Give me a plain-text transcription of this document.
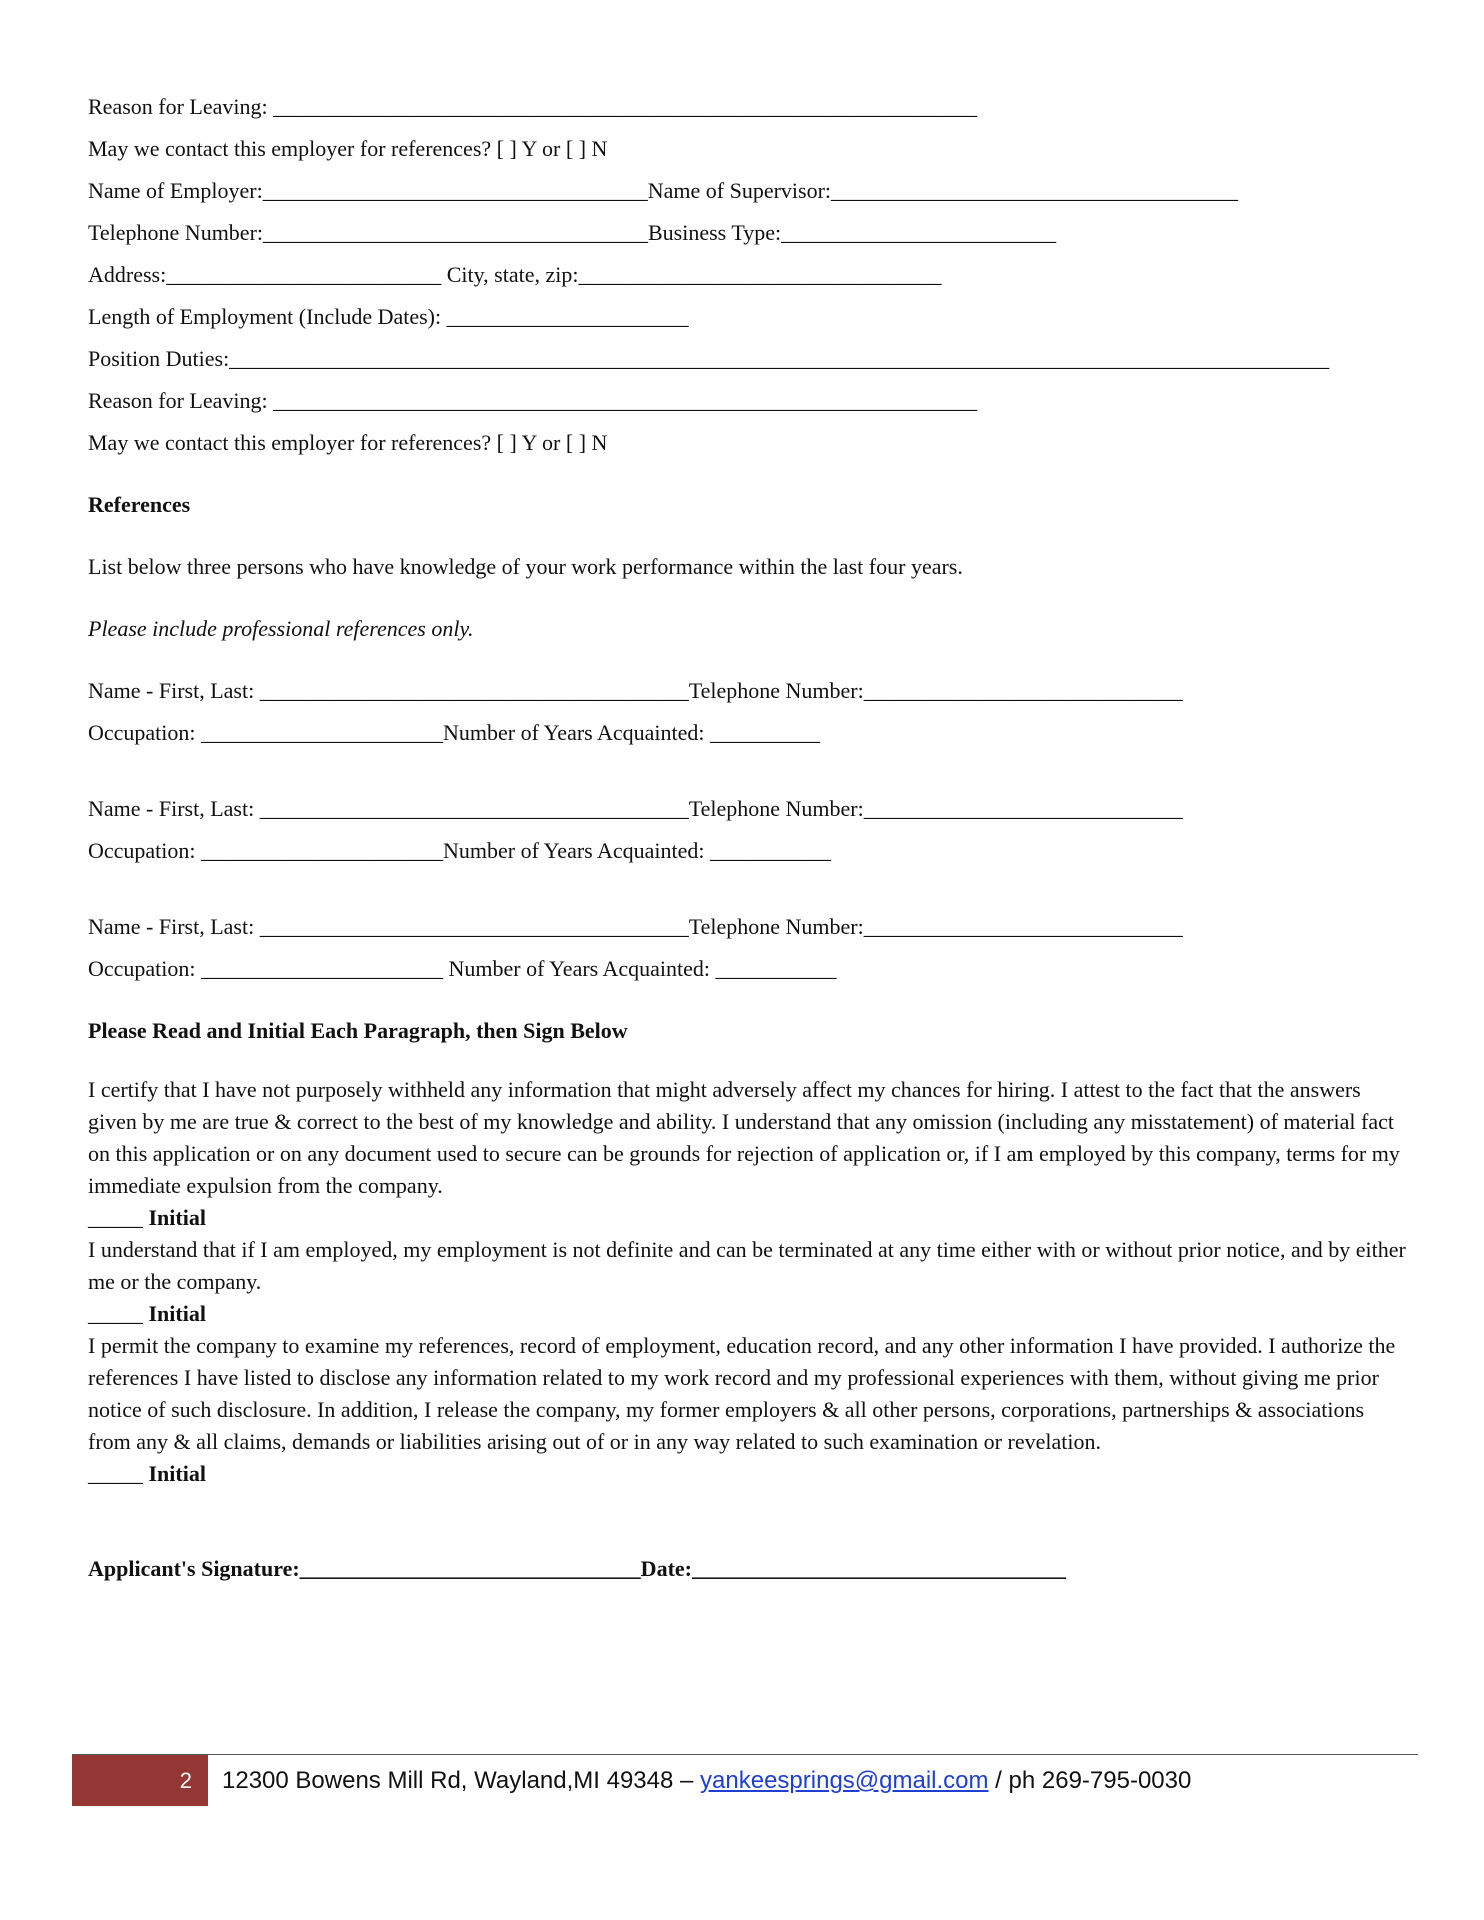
Reason for Leaving: ________________________________________________________________
May we contact this employer for references? [ ] Y or [ ] N
Name of Employer:___________________________________Name of Supervisor:_____________________________________
Telephone Number:___________________________________Business Type:_________________________
Address:_________________________ City, state, zip:_________________________________
Length of Employment (Include Dates): ______________________
Position Duties:____________________________________________________________________________________________________
Reason for Leaving: ________________________________________________________________
May we contact this employer for references? [ ] Y or [ ] N
References
List below three persons who have knowledge of your work performance within the last four years.
Please include professional references only.
Name - First, Last: _______________________________________Telephone Number:_____________________________
Occupation: ______________________Number of Years Acquainted: __________
Name - First, Last: _______________________________________Telephone Number:_____________________________
Occupation: ______________________Number of Years Acquainted: ___________
Name - First, Last: _______________________________________Telephone Number:_____________________________
Occupation: ______________________ Number of Years Acquainted: ___________
Please Read and Initial Each Paragraph, then Sign Below

I certify that I have not purposely withheld any information that might adversely affect my chances for hiring. I attest to the fact that the answers given by me are true & correct to the best of my knowledge and ability. I understand that any omission (including any misstatement) of material fact on this application or on any document used to secure can be grounds for rejection of application or, if I am employed by this company, terms for my immediate expulsion from the company.

_____ Initial

I understand that if I am employed, my employment is not definite and can be terminated at any time either with or without prior notice, and by either me or the company.

_____ Initial

I permit the company to examine my references, record of employment, education record, and any other information I have provided. I authorize the references I have listed to disclose any information related to my work record and my professional experiences with them, without giving me prior notice of such disclosure. In addition, I release the company, my former employers & all other persons, corporations, partnerships & associations from any & all claims, demands or liabilities arising out of or in any way related to such examination or revelation.

_____ Initial
Applicant's Signature:_______________________________Date:__________________________________
2	12300 Bowens Mill Rd, Wayland,MI 49348 – yankeesprings@gmail.com / ph 269-795-0030
